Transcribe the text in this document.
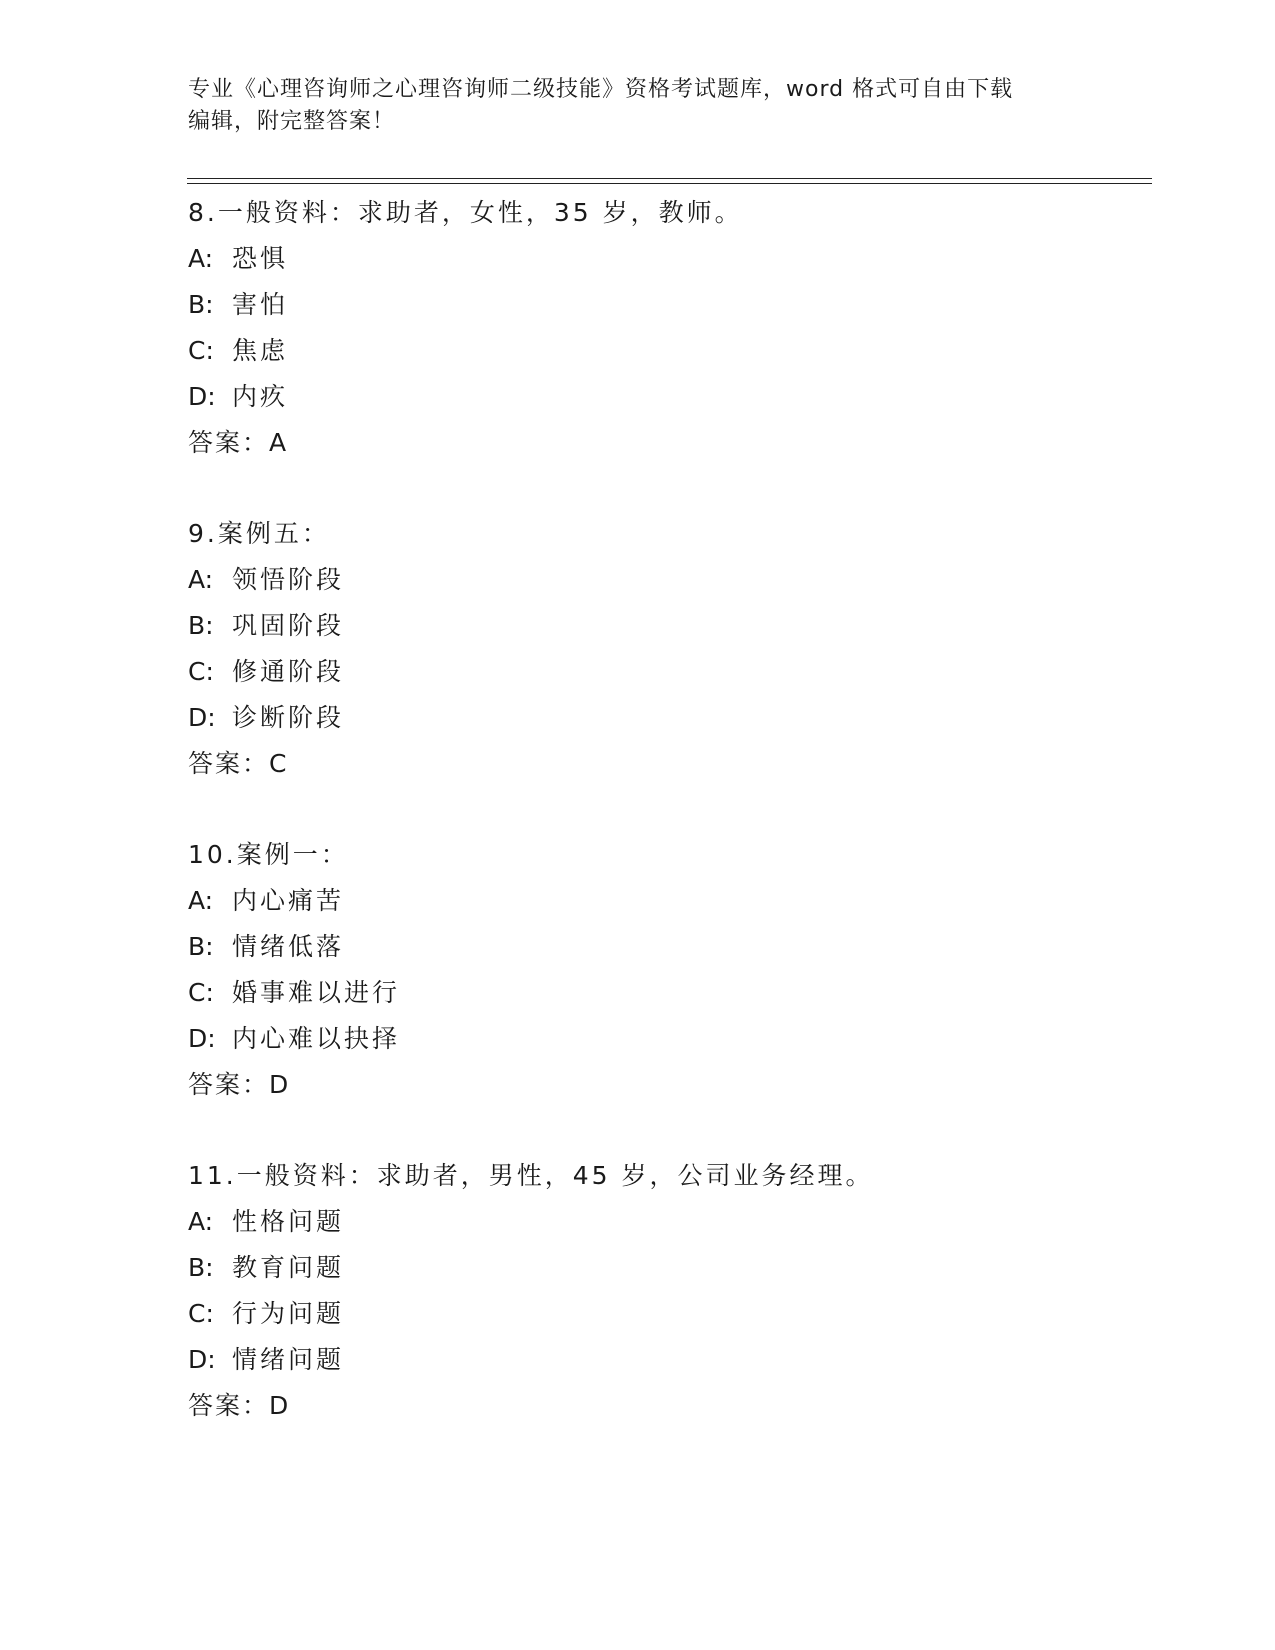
专业《心理咨询师之心理咨询师二级技能》资格考试题库，word 格式可自由下载
编辑，附完整答案！
8.一般资料：求助者，女性，35 岁，教师。
A: 恐惧
B: 害怕
C: 焦虑
D: 内疚
答案：A
9.案例五：
A: 领悟阶段
B: 巩固阶段
C: 修通阶段
D: 诊断阶段
答案：C
10.案例一：
A: 内心痛苦
B: 情绪低落
C: 婚事难以进行
D: 内心难以抉择
答案：D
11.一般资料：求助者，男性，45 岁，公司业务经理。
A: 性格问题
B: 教育问题
C: 行为问题
D: 情绪问题
答案：D
